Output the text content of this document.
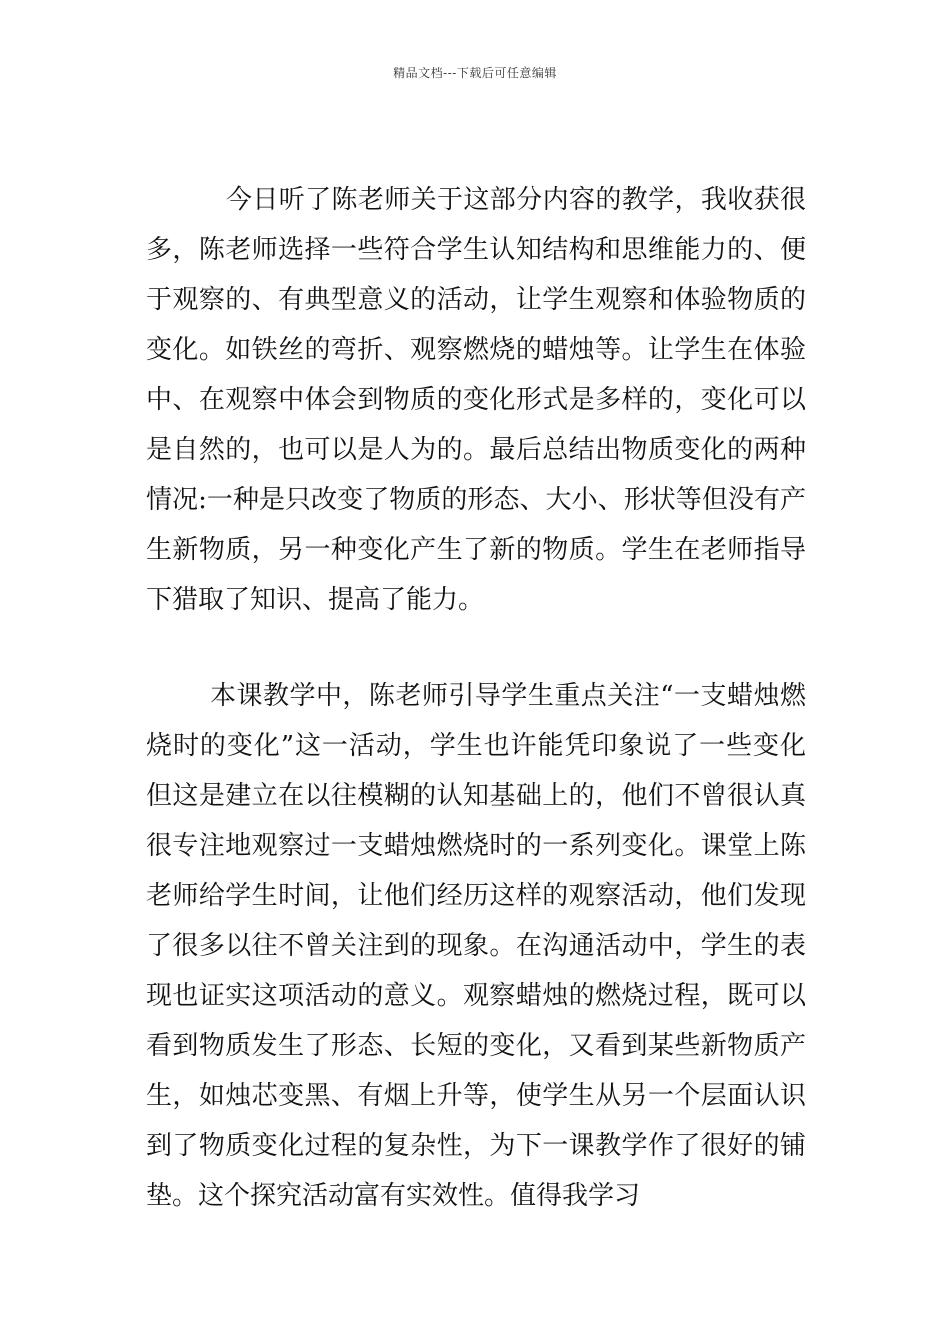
精品文档---下载后可任意编辑
今日听了陈老师关于这部分内容的教学，我收获很
多，陈老师选择一些符合学生认知结构和思维能力的、便
于观察的、有典型意义的活动，让学生观察和体验物质的
变化。如铁丝的弯折、观察燃烧的蜡烛等。让学生在体验
中、在观察中体会到物质的变化形式是多样的，变化可以
是自然的，也可以是人为的。最后总结出物质变化的两种
情况:一种是只改变了物质的形态、大小、形状等但没有产
生新物质，另一种变化产生了新的物质。学生在老师指导
下猎取了知识、提高了能力。
本课教学中，陈老师引导学生重点关注“一支蜡烛燃
烧时的变化”这一活动，学生也许能凭印象说了一些变化
但这是建立在以往模糊的认知基础上的，他们不曾很认真
很专注地观察过一支蜡烛燃烧时的一系列变化。课堂上陈
老师给学生时间，让他们经历这样的观察活动，他们发现
了很多以往不曾关注到的现象。在沟通活动中，学生的表
现也证实这项活动的意义。观察蜡烛的燃烧过程，既可以
看到物质发生了形态、长短的变化，又看到某些新物质产
生，如烛芯变黑、有烟上升等，使学生从另一个层面认识
到了物质变化过程的复杂性，为下一课教学作了很好的铺
垫。这个探究活动富有实效性。值得我学习
